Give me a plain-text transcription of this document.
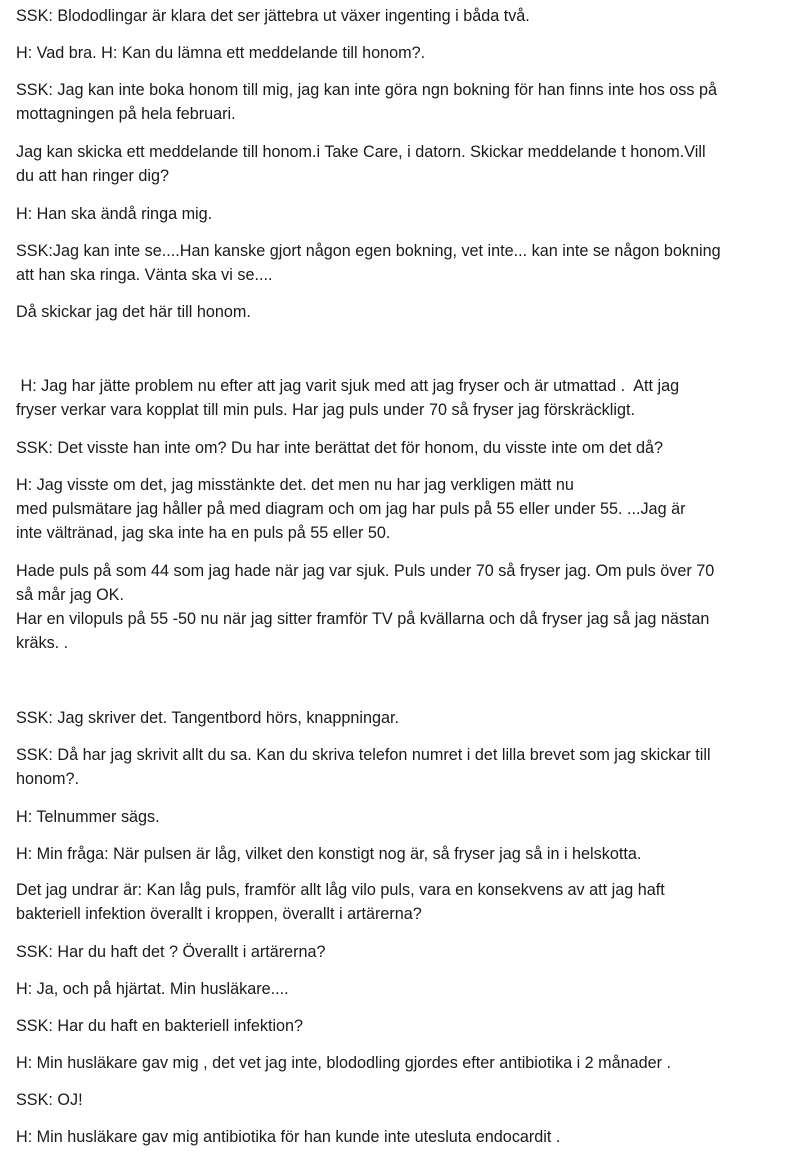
SSK: Blododlingar är klara det ser jättebra ut växer ingenting i båda två.

H: Vad bra. H: Kan du lämna ett meddelande till honom?.

SSK: Jag kan inte boka honom till mig, jag kan inte göra ngn bokning för han finns inte hos oss på
mottagningen på hela februari.

Jag kan skicka ett meddelande till honom.i Take Care, i datorn. Skickar meddelande t honom.Vill
du att han ringer dig?

H: Han ska ändå ringa mig.

SSK:Jag kan inte se....Han kanske gjort någon egen bokning, vet inte... kan inte se någon bokning
att han ska ringa. Vänta ska vi se....

Då skickar jag det här till honom.

H: Jag har jätte problem nu efter att jag varit sjuk med att jag fryser och är utmattad .  Att jag
fryser verkar vara kopplat till min puls. Har jag puls under 70 så fryser jag förskräckligt.

SSK: Det visste han inte om? Du har inte berättat det för honom, du visste inte om det då?

H: Jag visste om det, jag misstänkte det. det men nu har jag verkligen mätt nu
med pulsmätare jag håller på med diagram och om jag har puls på 55 eller under 55. ...Jag är
inte vältränad, jag ska inte ha en puls på 55 eller 50.

Hade puls på som 44 som jag hade när jag var sjuk. Puls under 70 så fryser jag. Om puls över 70
så mår jag OK.
Har en vilopuls på 55 -50 nu när jag sitter framför TV på kvällarna och då fryser jag så jag nästan
kräks. .

SSK: Jag skriver det. Tangentbord hörs, knappningar.

SSK: Då har jag skrivit allt du sa. Kan du skriva telefon numret i det lilla brevet som jag skickar till
honom?.

H: Telnummer sägs.

H: Min fråga: När pulsen är låg, vilket den konstigt nog är, så fryser jag så in i helskotta.

Det jag undrar är: Kan låg puls, framför allt låg vilo puls, vara en konsekvens av att jag haft
bakteriell infektion överallt i kroppen, överallt i artärerna?

SSK: Har du haft det ? Överallt i artärerna?

H: Ja, och på hjärtat. Min husläkare....

SSK: Har du haft en bakteriell infektion?

H: Min husläkare gav mig , det vet jag inte, blododling gjordes efter antibiotika i 2 månader .

SSK: OJ!

H: Min husläkare gav mig antibiotika för han kunde inte utesluta endocardit .
